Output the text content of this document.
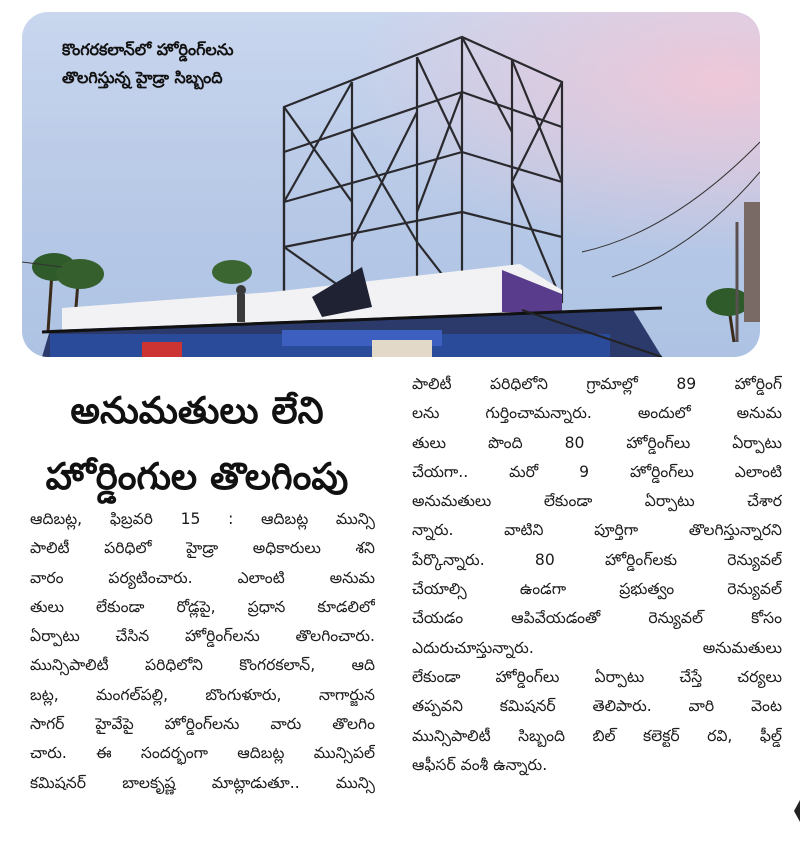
కొంగరకలాన్‌లో హోర్డింగ్‌లను
తొలగిస్తున్న హైడ్రా సిబ్బంది
అనుమతులు లేని
హోర్డింగుల తొలగింపు
ఆదిబట్ల, ఫిబ్రవరి 15 : ఆదిబట్ల మున్సి
పాలిటీ పరిధిలో హైడ్రా అధికారులు శని
వారం పర్యటించారు. ఎలాంటి అనుమ
తులు లేకుండా రోడ్లపై, ప్రధాన కూడలిలో
ఏర్పాటు చేసిన హోర్డింగ్‌లను తొలగించారు.
మున్సిపాలిటీ పరిధిలోని కొంగరకలాన్, ఆది
బట్ల, మంగల్‌పల్లి, బొంగుళూరు, నాగార్జున
సాగర్ హైవేపై హోర్డింగ్‌లను వారు తొలగిం
చారు. ఈ సందర్భంగా ఆదిబట్ల మున్సిపల్
కమిషనర్ బాలకృష్ణ మాట్లాడుతూ.. మున్సి
పాలిటీ పరిధిలోని గ్రామాల్లో 89 హోర్డింగ్
లను గుర్తించామన్నారు. అందులో అనుమ
తులు పొంది 80 హోర్డింగ్‌లు ఏర్పాటు
చేయగా.. మరో 9 హోర్డింగ్‌లు ఎలాంటి
అనుమతులు లేకుండా ఏర్పాటు చేశార
న్నారు. వాటిని పూర్తిగా తొలగిస్తున్నారని
పేర్కొన్నారు. 80 హోర్డింగ్‌లకు రెన్యువల్
చేయాల్సి ఉండగా ప్రభుత్వం రెన్యువల్
చేయడం ఆపివేయడంతో రెన్యువల్ కోసం
ఎదురుచూస్తున్నారు. అనుమతులు
లేకుండా హోర్డింగ్‌లు ఏర్పాటు చేస్తే చర్యలు
తప్పవని కమిషనర్ తెలిపారు. వారి వెంట
మున్సిపాలిటీ సిబ్బంది బిల్ కలెక్టర్ రవి, ఫీల్డ్
ఆఫీసర్ వంశీ ఉన్నారు.
